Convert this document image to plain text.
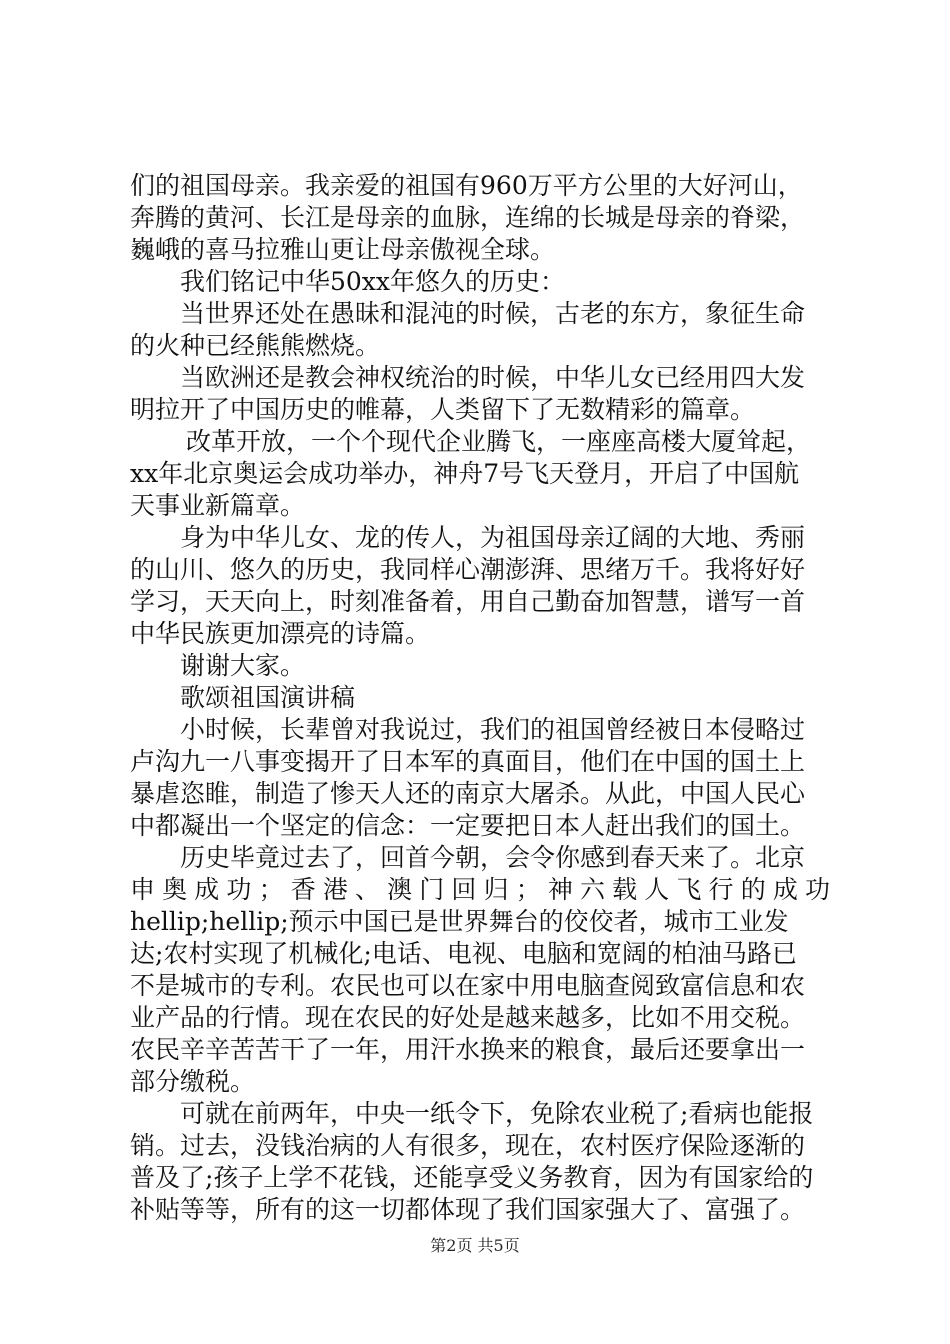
们的祖国母亲。我亲爱的祖国有960万平方公里的大好河山，
奔腾的黄河、长江是母亲的血脉，连绵的长城是母亲的脊梁，
巍峨的喜马拉雅山更让母亲傲视全球。
我们铭记中华50xx年悠久的历史：
当世界还处在愚昧和混沌的时候，古老的东方，象征生命
的火种已经熊熊燃烧。
当欧洲还是教会神权统治的时候，中华儿女已经用四大发
明拉开了中国历史的帷幕，人类留下了无数精彩的篇章。
改革开放，一个个现代企业腾飞，一座座高楼大厦耸起，
xx年北京奥运会成功举办，神舟7号飞天登月，开启了中国航
天事业新篇章。
身为中华儿女、龙的传人，为祖国母亲辽阔的大地、秀丽
的山川、悠久的历史，我同样心潮澎湃、思绪万千。我将好好
学习，天天向上，时刻准备着，用自己勤奋加智慧，谱写一首
中华民族更加漂亮的诗篇。
谢谢大家。
歌颂祖国演讲稿
小时候，长辈曾对我说过，我们的祖国曾经被日本侵略过
卢沟九一八事变揭开了日本军的真面目，他们在中国的国土上
暴虐恣睢，制造了惨天人还的南京大屠杀。从此，中国人民心
中都凝出一个坚定的信念：一定要把日本人赶出我们的国土。
历史毕竟过去了，回首今朝，会令你感到春天来了。北京
申奥成功；香港、澳门回归；神六载人飞行的成功
hellip;hellip;预示中国已是世界舞台的佼佼者，城市工业发
达;农村实现了机械化;电话、电视、电脑和宽阔的柏油马路已
不是城市的专利。农民也可以在家中用电脑查阅致富信息和农
业产品的行情。现在农民的好处是越来越多，比如不用交税。
农民辛辛苦苦干了一年，用汗水换来的粮食，最后还要拿出一
部分缴税。
可就在前两年，中央一纸令下，免除农业税了;看病也能报
销。过去，没钱治病的人有很多，现在，农村医疗保险逐渐的
普及了;孩子上学不花钱，还能享受义务教育，因为有国家给的
补贴等等，所有的这一切都体现了我们国家强大了、富强了。
第2页 共5页
